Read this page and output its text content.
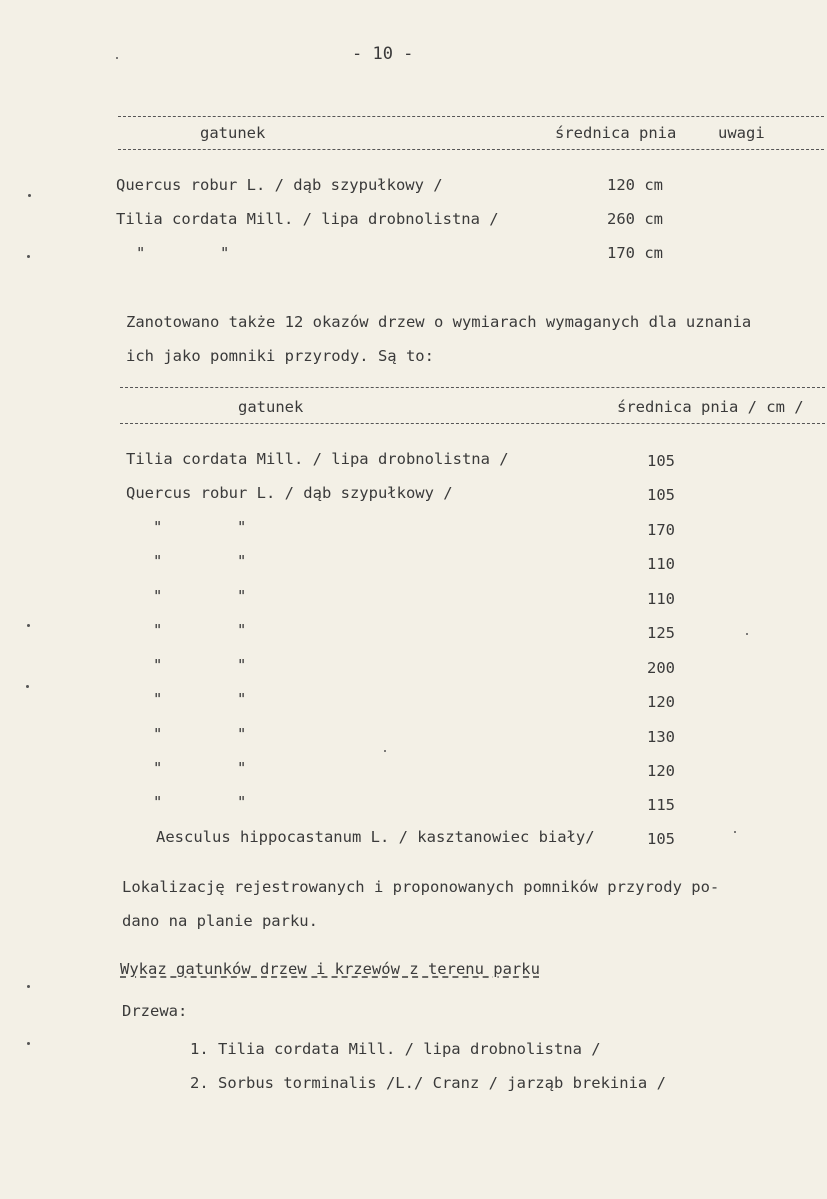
- 10 -
gatunek	średnica pnia	uwagi
Quercus robur L. / dąb szypułkowy /	120 cm
Tilia cordata Mill. / lipa drobnolistna /	260 cm
"        "	170 cm
Zanotowano także 12 okazów drzew o wymiarach wymaganych dla uznania
ich jako pomniki przyrody. Są to:
gatunek	średnica pnia / cm /
Tilia cordata Mill. / lipa drobnolistna /	105
Quercus robur L. / dąb szypułkowy /	105
"        "	170
"        "	110
"        "	110
"        "	125
"        "	200
"        "	120
"        "	130
"        "	120
"        "	115
Aesculus hippocastanum L. / kasztanowiec biały/	105
Lokalizację rejestrowanych i proponowanych pomników przyrody po-
dano na planie parku.
Wykaz gatunków drzew i krzewów z terenu parku
Drzewa:
1. Tilia cordata Mill. / lipa drobnolistna /
2. Sorbus torminalis /L./ Cranz / jarząb brekinia /
